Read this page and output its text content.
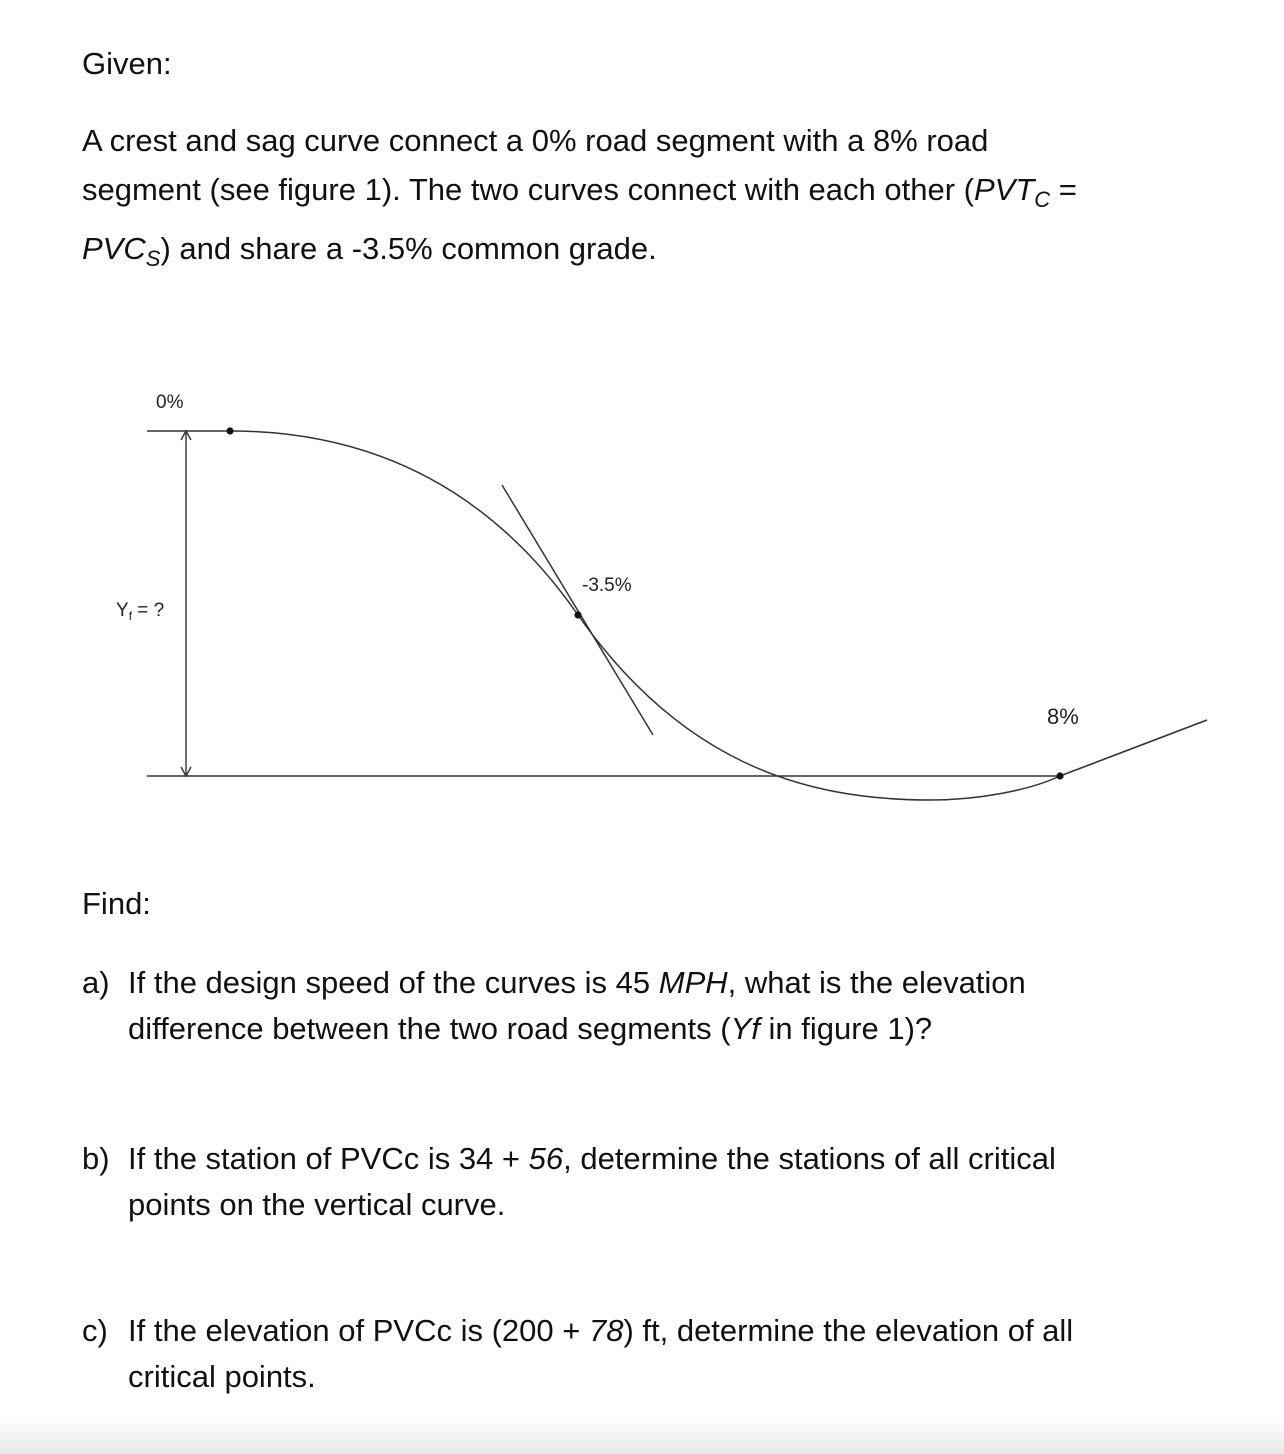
Given:

A crest and sag curve connect a 0% road segment with a 8% road
segment (see figure 1). The two curves connect with each other ($PVT_C$ =
$PVC_S$) and share a -3.5% common grade.

0%
$Y_f$ = ?
-3.5%
8%
Find:

a) If the design speed of the curves is 45 MPH, what is the elevation
difference between the two road segments (Yf in figure 1)?

b) If the station of PVCc is 34 + 56, determine the stations of all critical
points on the vertical curve.

c) If the elevation of PVCc is (200 + 78) ft, determine the elevation of all
critical points.
